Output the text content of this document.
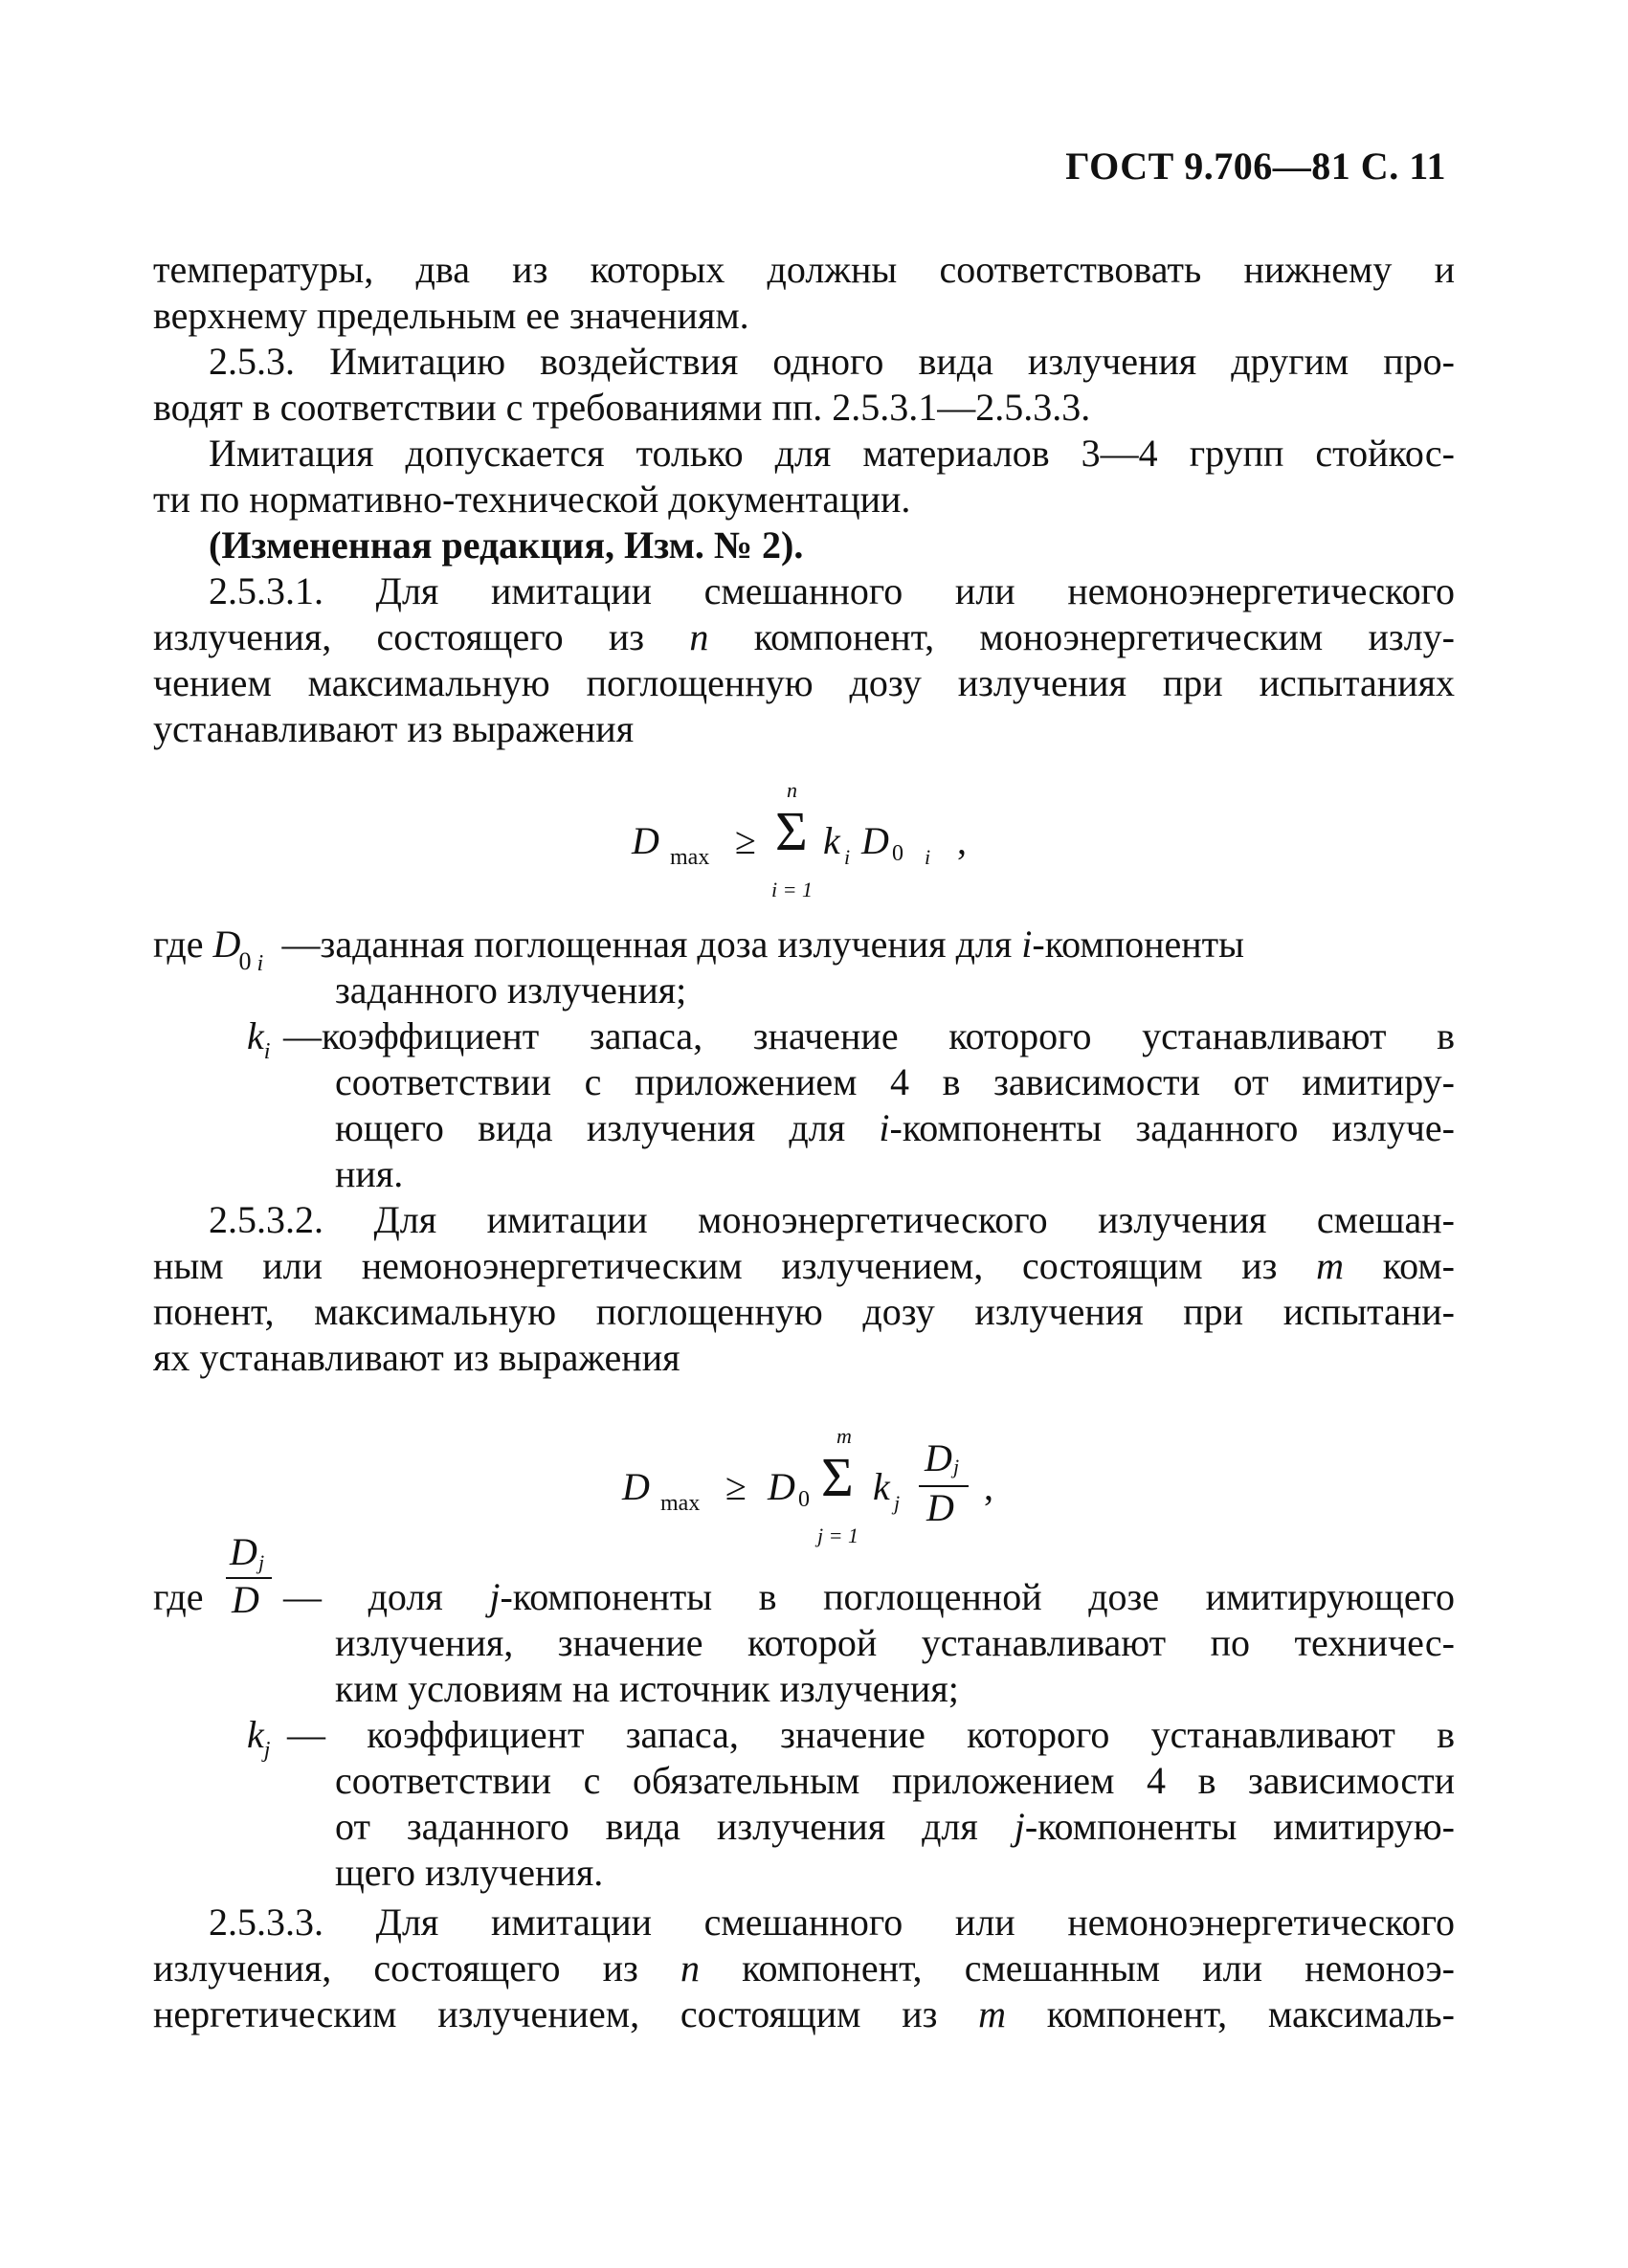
ГОСТ 9.706—81 С. 11
температуры, два из которых должны соответствовать нижнему и
верхнему предельным ее значениям.
2.5.3. Имитацию воздействия одного вида излучения другим про-
водят в соответствии с требованиями пп. 2.5.3.1—2.5.3.3.
Имитация допускается только для материалов 3—4 групп стойкос-
ти по нормативно-технической документации.
(Измененная редакция, Изм. № 2).
2.5.3.1. Для имитации смешанного или немоноэнергетического
излучения, состоящего из n компонент, моноэнергетическим излу-
чением максимальную поглощенную дозу излучения при испытаниях
устанавливают из выражения
D max ≥
n
Σ
i = 1
k i D 0 i ,
где D
0 i —заданная поглощенная доза излучения для i-компоненты
заданного излучения;
$k_i$ —коэффициент запаса, значение которого устанавливают в
соответствии с приложением 4 в зависимости от имитиру-
ющего вида излучения для i-компоненты заданного излуче-
ния.
2.5.3.2. Для имитации моноэнергетического излучения смешан-
ным или немоноэнергетическим излучением, состоящим из m ком-
понент, максимальную поглощенную дозу излучения при испытани-
ях устанавливают из выражения
D max ≥ D 0
m
Σ
j = 1
k j
D j
D ,
где
D j
D — доля j-компоненты в поглощенной дозе имитирующего
излучения, значение которой устанавливают по техничес-
ким условиям на источник излучения;
$k_j$ — коэффициент запаса, значение которого устанавливают в
соответствии с обязательным приложением 4 в зависимости
от заданного вида излучения для j-компоненты имитирую-
щего излучения.
2.5.3.3. Для имитации смешанного или немоноэнергетического
излучения, состоящего из n компонент, смешанным или немоноэ-
нергетическим излучением, состоящим из m компонент, максималь-
